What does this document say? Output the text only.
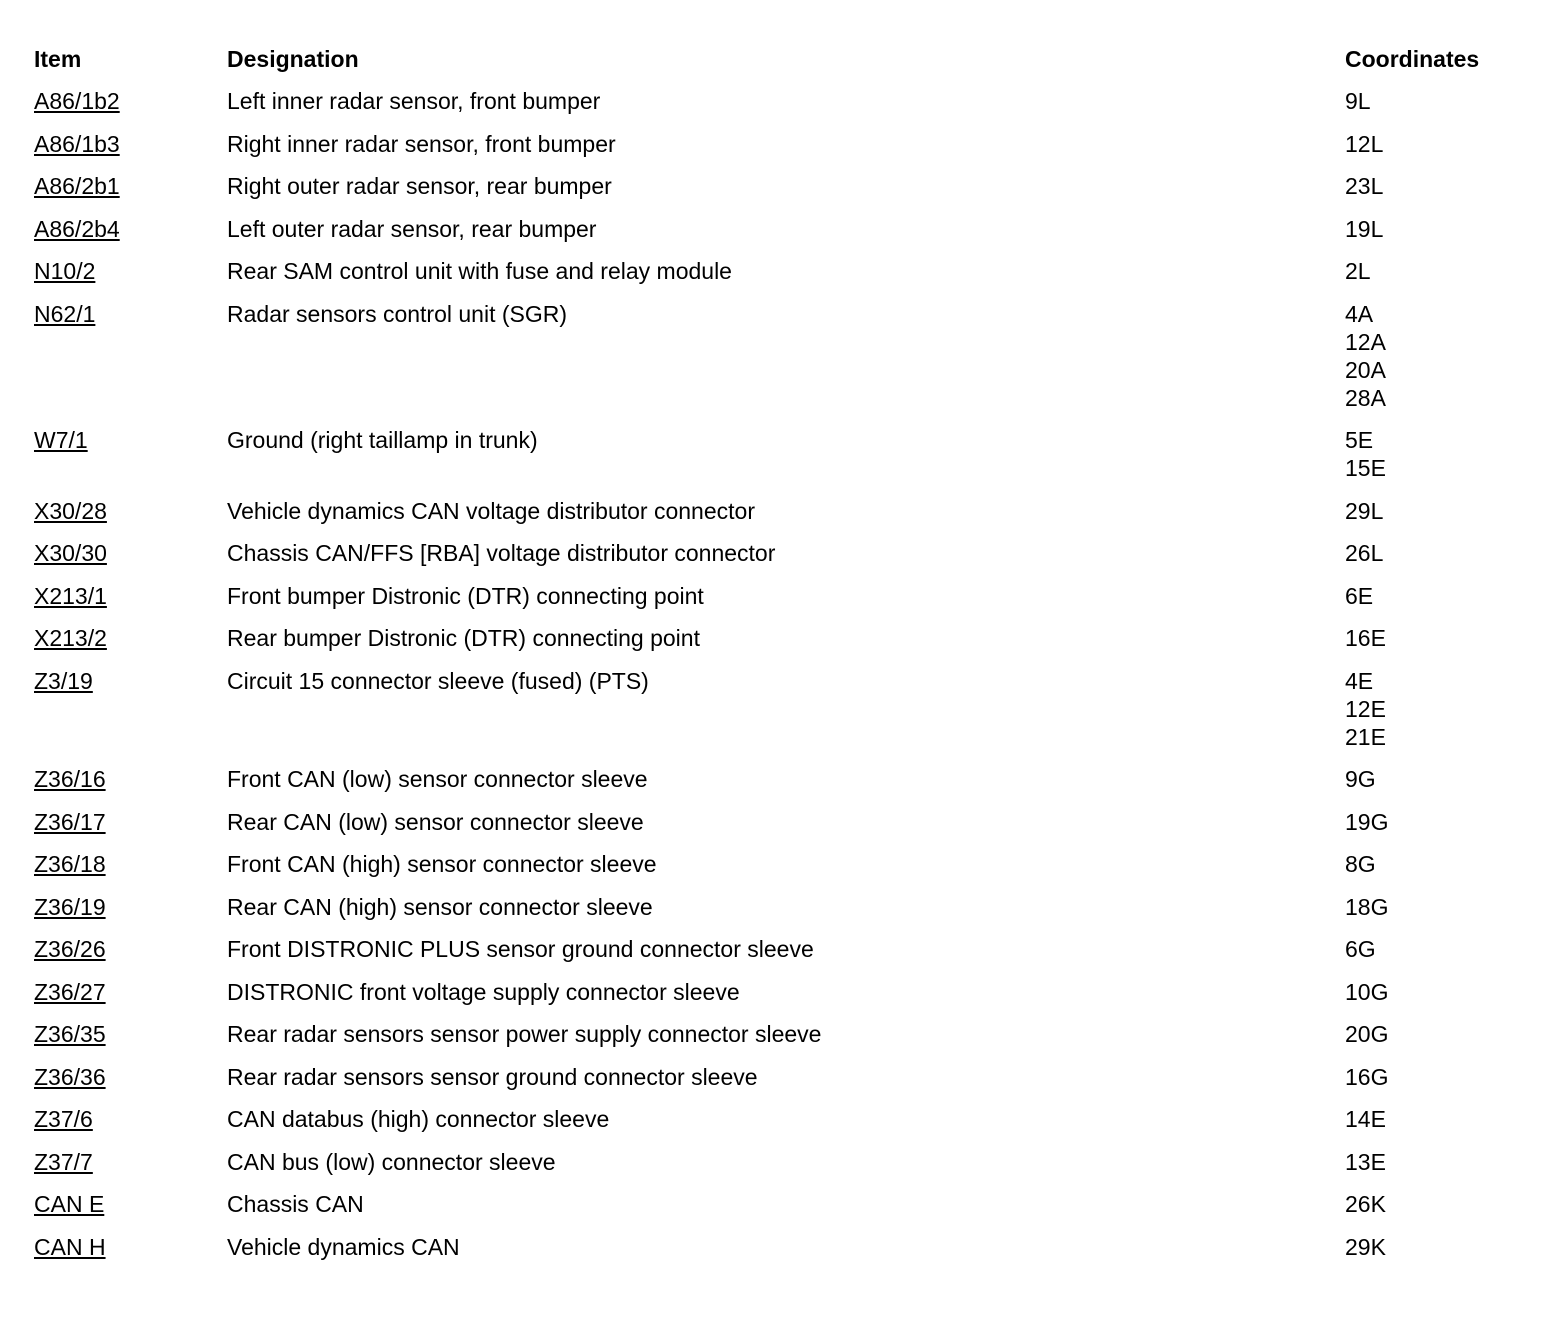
Item	Designation	Coordinates
A86/1b2	Left inner radar sensor, front bumper	9L
A86/1b3	Right inner radar sensor, front bumper	12L
A86/2b1	Right outer radar sensor, rear bumper	23L
A86/2b4	Left outer radar sensor, rear bumper	19L
N10/2	Rear SAM control unit with fuse and relay module	2L
N62/1	Radar sensors control unit (SGR)	4A
12A
20A
28A
W7/1	Ground (right taillamp in trunk)	5E
15E
X30/28	Vehicle dynamics CAN voltage distributor connector	29L
X30/30	Chassis CAN/FFS [RBA] voltage distributor connector	26L
X213/1	Front bumper Distronic (DTR) connecting point	6E
X213/2	Rear bumper Distronic (DTR) connecting point	16E
Z3/19	Circuit 15 connector sleeve (fused) (PTS)	4E
12E
21E
Z36/16	Front CAN (low) sensor connector sleeve	9G
Z36/17	Rear CAN (low) sensor connector sleeve	19G
Z36/18	Front CAN (high) sensor connector sleeve	8G
Z36/19	Rear CAN (high) sensor connector sleeve	18G
Z36/26	Front DISTRONIC PLUS sensor ground connector sleeve	6G
Z36/27	DISTRONIC front voltage supply connector sleeve	10G
Z36/35	Rear radar sensors sensor power supply connector sleeve	20G
Z36/36	Rear radar sensors sensor ground connector sleeve	16G
Z37/6	CAN databus (high) connector sleeve	14E
Z37/7	CAN bus (low) connector sleeve	13E
CAN E	Chassis CAN	26K
CAN H	Vehicle dynamics CAN	29K
